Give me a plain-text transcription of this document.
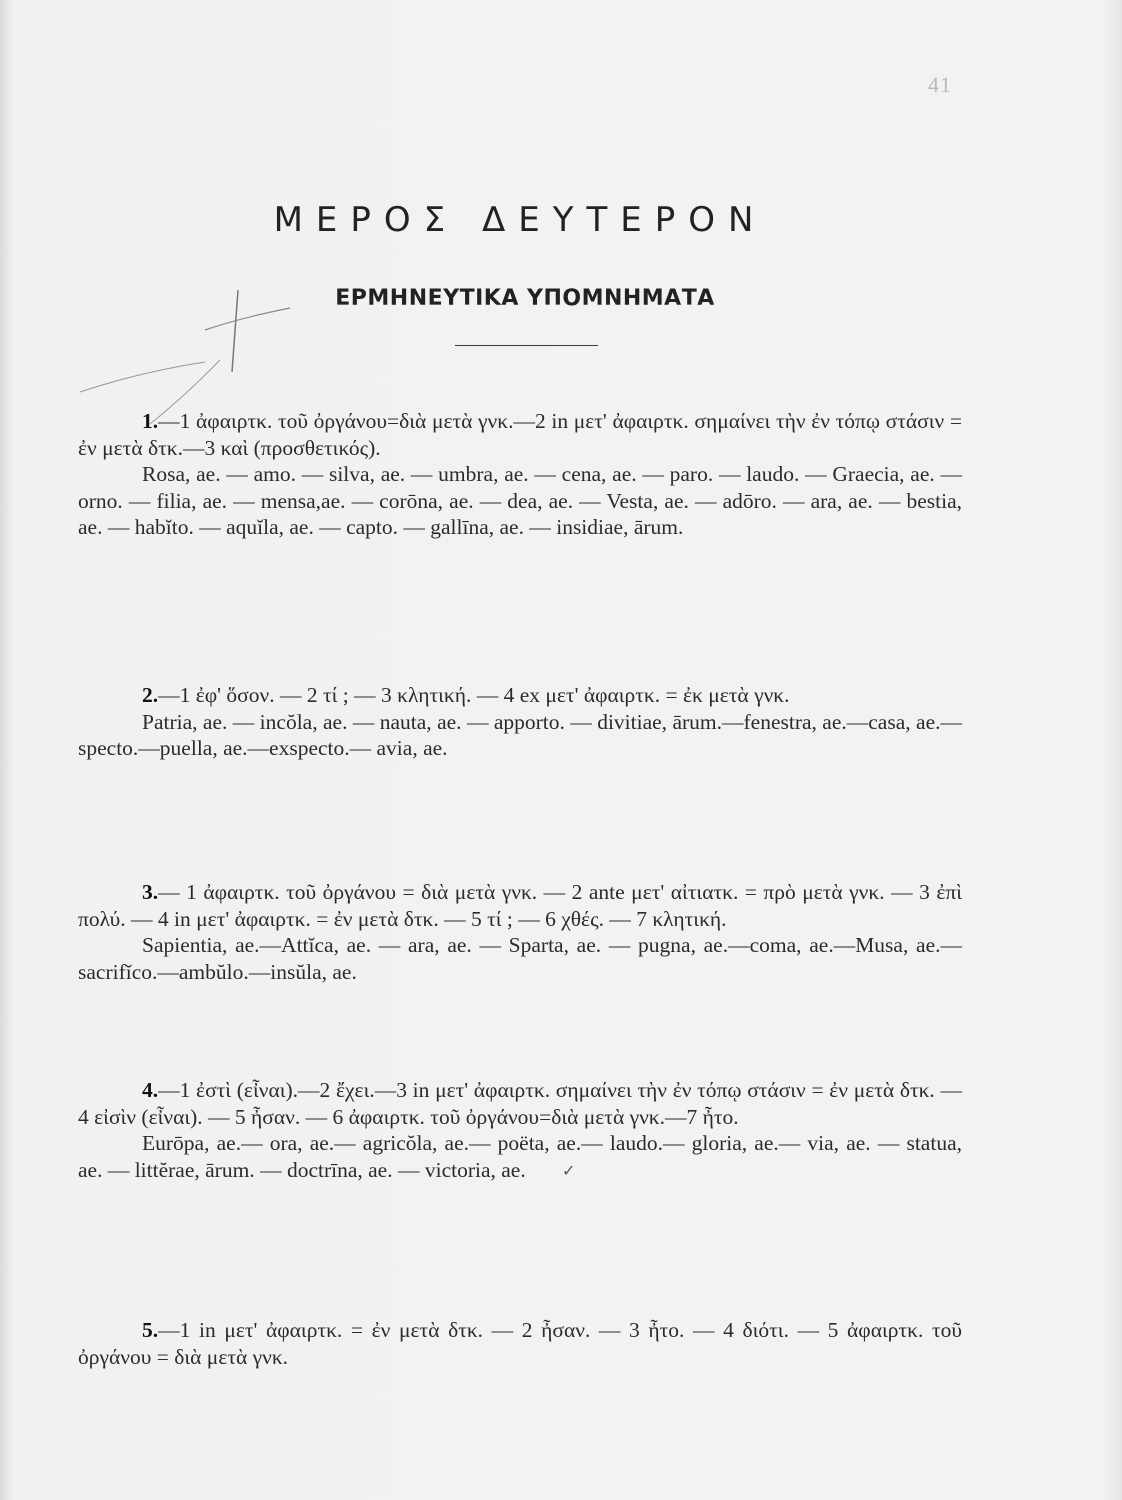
41
ΜΕΡΟΣ ΔΕΥΤΕΡΟΝ
ΕΡΜΗΝΕΥΤΙΚΑ ΥΠΟΜΝΗΜΑΤΑ

1.—1 ἀφαιρτκ. τοῦ ὀργάνου=διὰ μετὰ γνκ.—2 in μετ' ἀφαιρτκ. σημαίνει τὴν ἐν τόπῳ στάσιν = ἐν μετὰ δτκ.—3 καὶ (προσθετικός).

Rosa, ae. — amo. — silva, ae. — umbra, ae. — cena, ae. — paro. — laudo. — Graecia, ae. — orno. — filia, ae. — mensa,ae. — corōna, ae. — dea, ae. — Vesta, ae. — adōro. — ara, ae. — bestia, ae. — habĭto. — aquĭla, ae. — capto. — gallīna, ae. — insidiae, ārum.

2.—1 ἐφ' ὅσον. — 2 τί ; — 3 κλητική. — 4 ex μετ' ἀφαιρτκ. = ἐκ μετὰ γνκ.

Patria, ae. — incŏla, ae. — nauta, ae. — apporto. — divitiae, ārum.—fenestra, ae.—casa, ae.—specto.—puella, ae.—exspecto.— avia, ae.

3.— 1 ἀφαιρτκ. τοῦ ὀργάνου = διὰ μετὰ γνκ. — 2 ante μετ' αἰτιατκ. = πρὸ μετὰ γνκ. — 3 ἐπὶ πολύ. — 4 in μετ' ἀφαιρτκ. = ἐν μετὰ δτκ. — 5 τί ; — 6 χθές. — 7 κλητική.

Sapientia, ae.—Attĭca, ae. — ara, ae. — Sparta, ae. — pugna, ae.—coma, ae.—Musa, ae.—sacrifĭco.—ambŭlo.—insŭla, ae.

4.—1 ἐστὶ (εἶναι).—2 ἔχει.—3 in μετ' ἀφαιρτκ. σημαίνει τὴν ἐν τόπῳ στάσιν = ἐν μετὰ δτκ. — 4 εἰσὶν (εἶναι). — 5 ἦσαν. — 6 ἀφαιρτκ. τοῦ ὀργάνου=διὰ μετὰ γνκ.—7 ἦτο.

Eurōpa, ae.— ora, ae.— agricŏla, ae.— poëta, ae.— laudo.— gloria, ae.— via, ae. — statua, ae. — littĕrae, ārum. — doctrīna, ae. — victoria, ae.	✓

5.—1 in μετ' ἀφαιρτκ. = ἐν μετὰ δτκ. — 2 ἦσαν. — 3 ἦτο. — 4 διότι. — 5 ἀφαιρτκ. τοῦ ὀργάνου = διὰ μετὰ γνκ.
